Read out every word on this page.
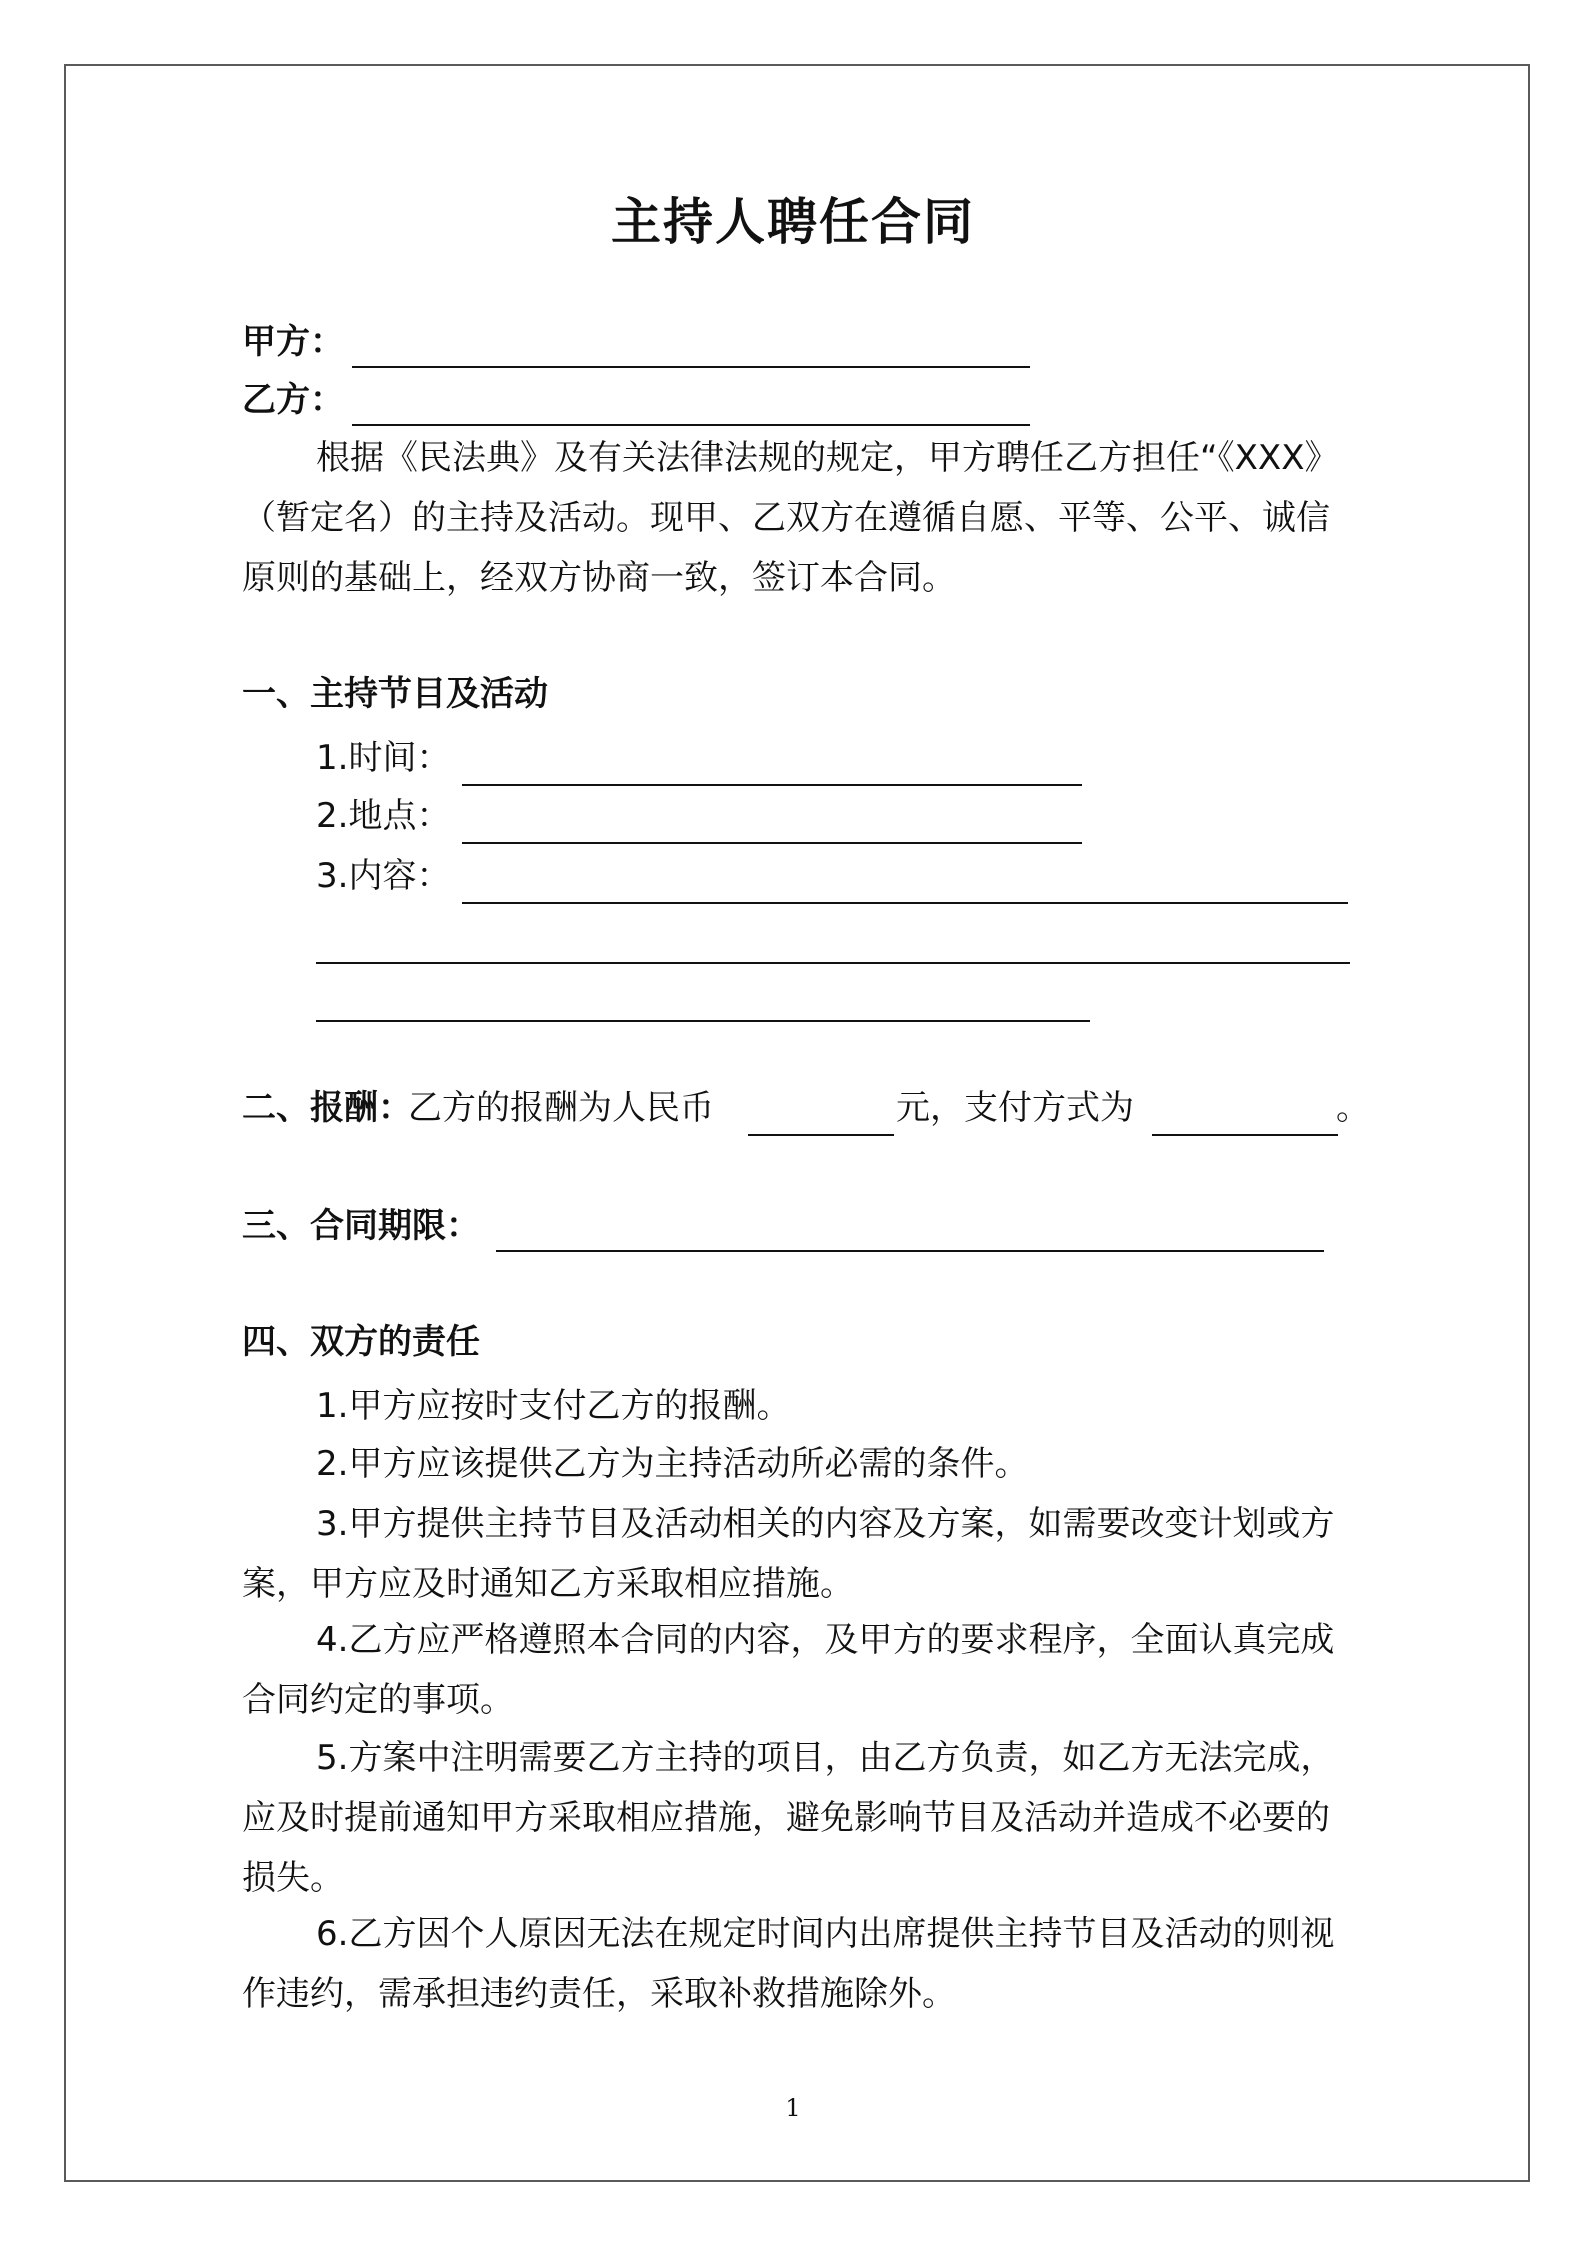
主持人聘任合同
甲方：
乙方：
根据《民法典》及有关法律法规的规定，甲方聘任乙方担任“《XXX》（暂定名）的主持及活动。现甲、乙双方在遵循自愿、平等、公平、诚信原则的基础上，经双方协商一致，签订本合同。
一、主持节目及活动
1.时间：
2.地点：
3.内容：
二、报酬：
乙方的报酬为人民币	元，支付方式为	。
三、合同期限：
四、双方的责任
1.甲方应按时支付乙方的报酬。
2.甲方应该提供乙方为主持活动所必需的条件。
3.甲方提供主持节目及活动相关的内容及方案，如需要改变计划或方案，甲方应及时通知乙方采取相应措施。
4.乙方应严格遵照本合同的内容，及甲方的要求程序，全面认真完成合同约定的事项。
5.方案中注明需要乙方主持的项目，由乙方负责，如乙方无法完成，应及时提前通知甲方采取相应措施，避免影响节目及活动并造成不必要的损失。
6.乙方因个人原因无法在规定时间内出席提供主持节目及活动的则视作违约，需承担违约责任，采取补救措施除外。
1
